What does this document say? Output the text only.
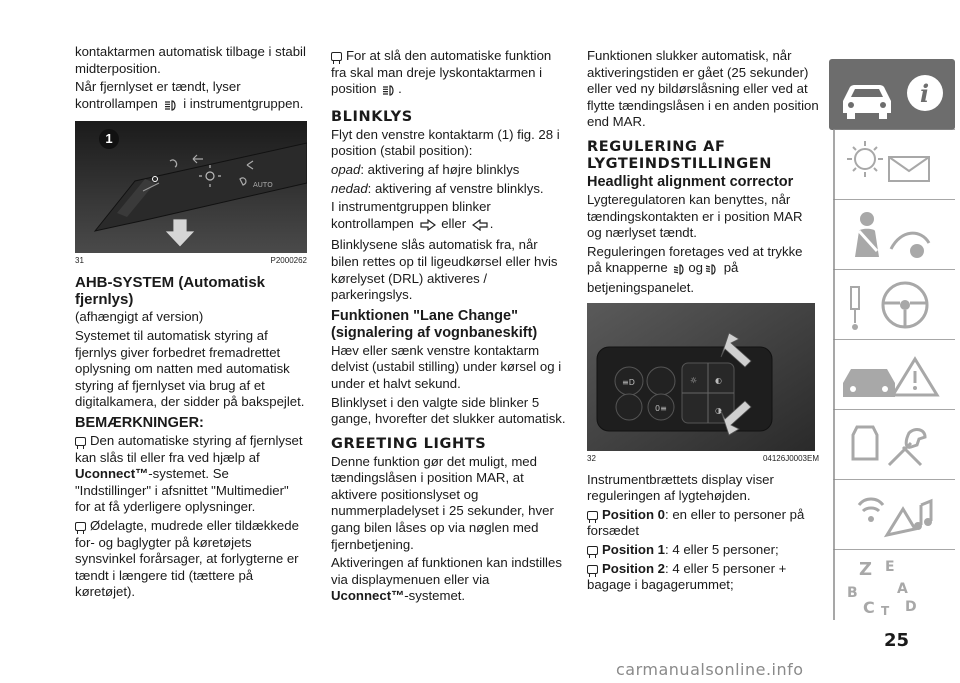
kontaktarmen automatisk tilbage i stabil midterposition.

Når fjernlyset er tændt, lyser kontrollampen i instrumentgruppen.

AUTO
1
31	P2000262

AHB-SYSTEM (Automatisk fjernlys)

(afhængigt af version)

Systemet til automatisk styring af fjernlys giver forbedret fremadrettet oplysning om natten med automatisk styring af fjernlyset via brug af et digitalkamera, der sidder på bakspejlet.

BEMÆRKNINGER:

Den automatiske styring af fjernlyset kan slås til eller fra ved hjælp af Uconnect™-systemet. Se "Indstillinger" i afsnittet "Multimedier" for at få yderligere oplysninger.

Ødelagte, mudrede eller tildækkede for- og baglygter på køretøjets synsvinkel forårsager, at forlygterne er tændt i længere tid (tættere på køretøjet).

For at slå den automatiske funktion fra skal man dreje lyskontaktarmen i position .

BLINKLYS

Flyt den venstre kontaktarm (1) fig. 28 i position (stabil position):

opad: aktivering af højre blinklys

nedad: aktivering af venstre blinklys.

I instrumentgruppen blinker kontrollampen eller .

Blinklysene slås automatisk fra, når bilen rettes op til ligeudkørsel eller hvis kørelyset (DRL) aktiveres / parkeringslys.

Funktionen "Lane Change" (signalering af vognbaneskift)

Hæv eller sænk venstre kontaktarm delvist (ustabil stilling) under kørsel og i under et halvt sekund.

Blinklyset i den valgte side blinker 5 gange, hvorefter det slukker automatisk.

GREETING LIGHTS

Denne funktion gør det muligt, med tændingslåsen i position MAR, at aktivere positionslyset og nummerpladelyset i 25 sekunder, hver gang bilen låses op via nøglen med fjernbetjening.

Aktiveringen af funktionen kan indstilles via displaymenuen eller via Uconnect™-systemet.

Funktionen slukker automatisk, når aktiveringstiden er gået (25 sekunder) eller ved ny bildørslåsning eller ved at flytte tændingslåsen i en anden position end MAR.

REGULERING AF LYGTEINDSTILLINGEN

Headlight alignment corrector

Lygteregulatoren kan benyttes, når tændingskontakten er i position MAR og nærlyset tændt.

Reguleringen foretages ved at trykke på knapperne og på betjeningspanelet.

≡D
0≡
☼ ◐
◑
32	04126J0003EM

Instrumentbrættets display viser reguleringen af lygtehøjden.

Position 0: en eller to personer på forsædet

Position 1: 4 eller 5 personer;

Position 2: 4 eller 5 personer + bagage i bagagerummet;

i
Z E
B	A
C D
T
25
carmanualsonline.info
